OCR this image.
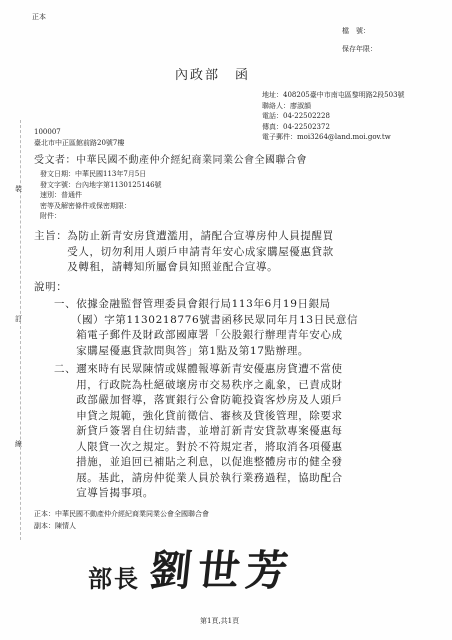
裝
訂
線
正本
檔　號：
保存年限：
內政部　函
地址：408205臺中市南屯區黎明路2段503號
聯絡人：廖淑韻
電話：04-22502228
傳真：04-22502372
電子郵件：moi3264@land.moi.gov.tw
100007
臺北市中正區館前路20號7樓
受文者：中華民國不動產仲介經紀商業同業公會全國聯合會
發文日期：中華民國113年7月5日
發文字號：台內地字第1130125146號
速別：普通件
密等及解密條件或保密期限：
附件：
主旨：為防止新青安房貸遭濫用，請配合宣導房仲人員提醒買
　　　受人，切勿利用人頭戶申請青年安心成家購屋優惠貸款
　　　及轉租，請轉知所屬會員知照並配合宣導。
說明：
一、依據金融監督管理委員會銀行局113年6月19日銀局
　　（國）字第1130218776號書函移民眾同年月13日民意信
　　箱電子郵件及財政部國庫署「公股銀行辦理青年安心成
　　家購屋優惠貸款問與答」第1點及第17點辦理。
二、邇來時有民眾陳情或媒體報導新青安優惠房貸遭不當使
　　用，行政院為杜絕破壞房市交易秩序之亂象，已責成財
　　政部嚴加督導，落實銀行公會防範投資客炒房及人頭戶
　　申貸之規範，強化貸前徵信、審核及貸後管理，除要求
　　新貸戶簽署自住切結書，並增訂新青安貸款專案優惠每
　　人限貸一次之規定。對於不符規定者，將取消各項優惠
　　措施，並追回已補貼之利息，以促進整體房市的健全發
　　展。基此，請房仲從業人員於執行業務過程，協助配合
　　宣導旨揭事項。
正本：中華民國不動產仲介經紀商業同業公會全國聯合會
副本：陳情人
部長 劉世芳
第1頁,共1頁
